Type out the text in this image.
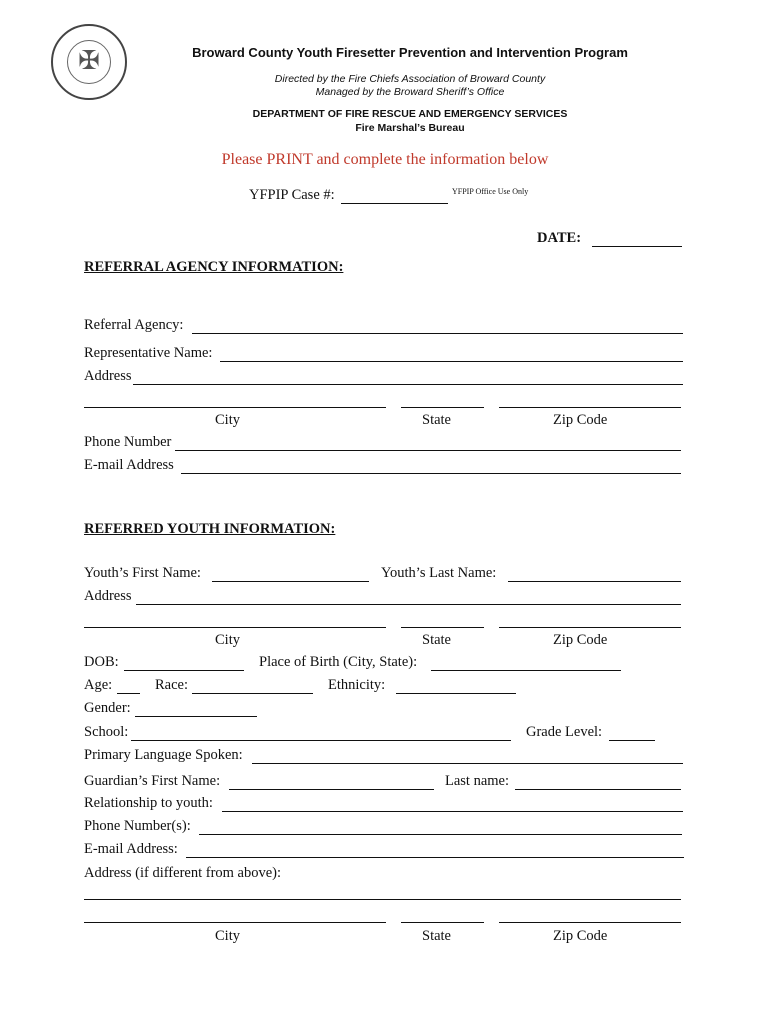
✠	Broward County Youth Firesetter Prevention and Intervention Program
Directed by the Fire Chiefs Association of Broward County
Managed by the Broward Sheriff’s Office
DEPARTMENT OF FIRE RESCUE AND EMERGENCY SERVICES
Fire Marshal’s Bureau
Please PRINT and complete the information below
YFPIP Case #:	YFPIP Office Use Only
DATE:
REFERRAL AGENCY INFORMATION:
Referral Agency:
Representative Name:
Address
City	State	Zip Code
Phone Number
E-mail Address
REFERRED YOUTH INFORMATION:
Youth’s First Name:	Youth’s Last Name:
Address
City	State	Zip Code
DOB:	Place of Birth (City, State):
Age:	Race:	Ethnicity:
Gender:
School:	Grade Level:
Primary Language Spoken:
Guardian’s First Name:	Last name:
Relationship to youth:
Phone Number(s):
E-mail Address:
Address (if different from above):
City	State	Zip Code
